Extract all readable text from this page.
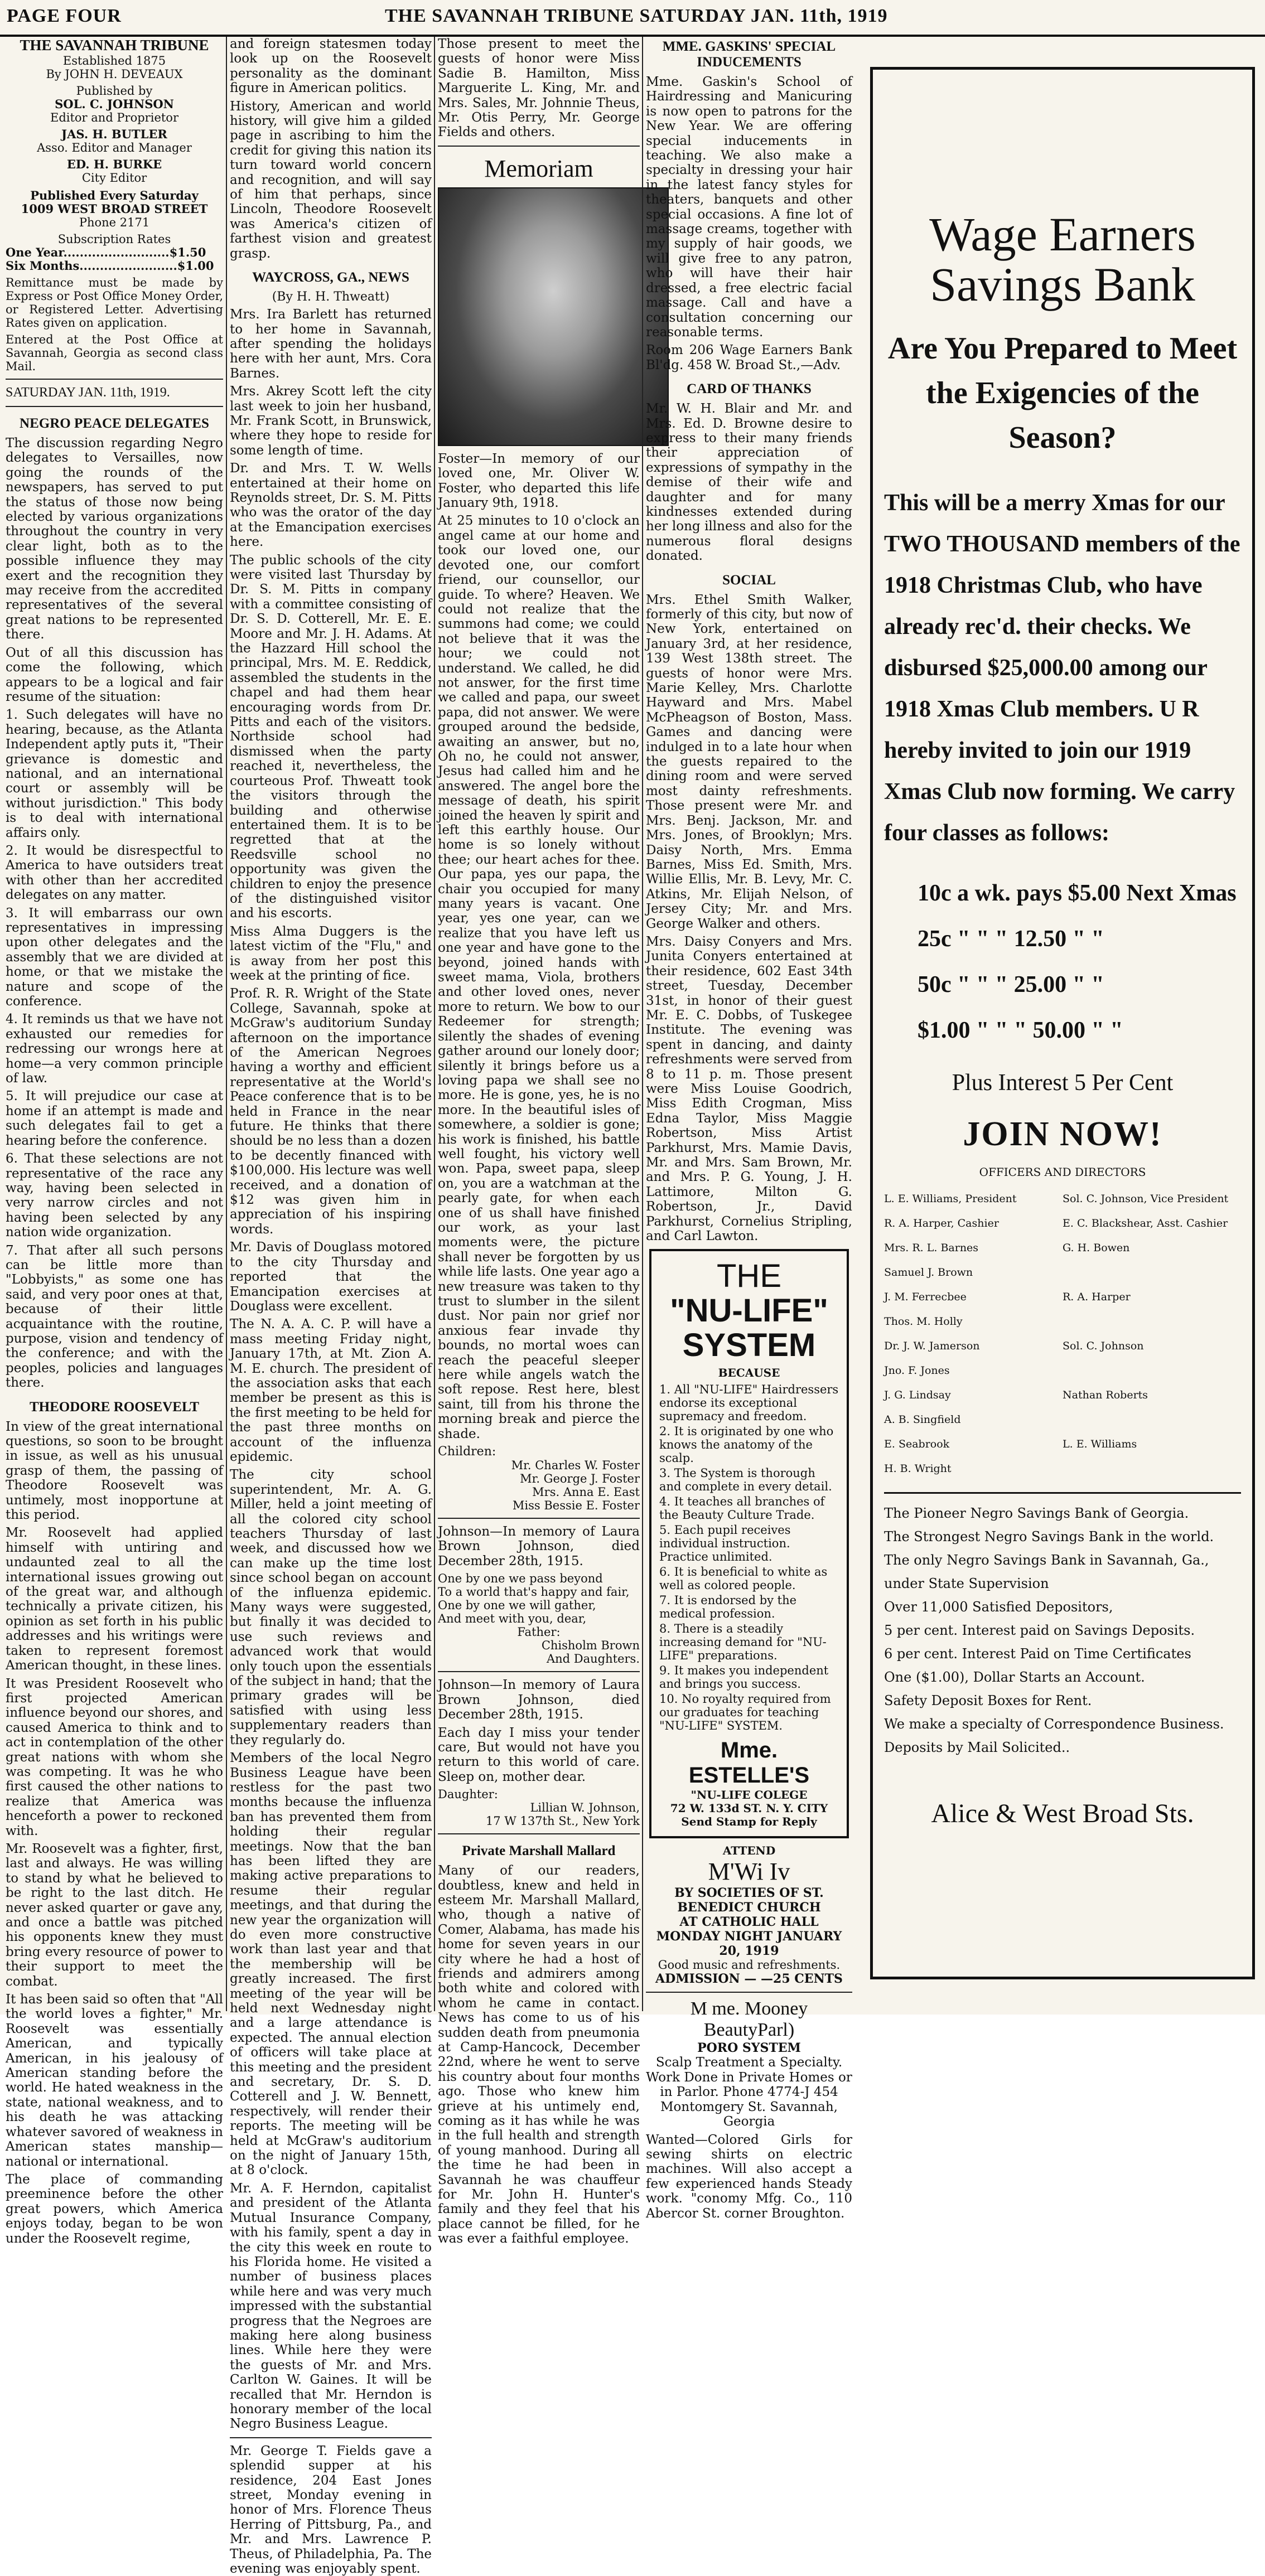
PAGE FOUR	THE SAVANNAH TRIBUNE SATURDAY JAN. 11th, 1919
THE SAVANNAH TRIBUNE
Established 1875
By JOHN H. DEVEAUX
Published by
SOL. C. JOHNSON
Editor and Proprietor
JAS. H. BUTLER
Asso. Editor and Manager
ED. H. BURKE
City Editor
Published Every Saturday
1009 WEST BROAD STREET
Phone 2171
Subscription Rates
One Year..........................$1.50
Six Months........................$1.00

Remittance must be made by Express or Post Office Money Order, or Registered Letter. Advertising Rates given on application.

Entered at the Post Office at Savannah, Georgia as second class Mail.

SATURDAY JAN. 11th, 1919.
NEGRO PEACE DELEGATES

The discussion regarding Negro delegates to Versailles, now going the rounds of the newspapers, has served to put the status of those now being elected by various organizations throughout the country in very clear light, both as to the possible influence they may exert and the recognition they may receive from the accredited representatives of the several great nations to be represented there.

Out of all this discussion has come the following, which appears to be a logical and fair resume of the situation:

1. Such delegates will have no hearing, because, as the Atlanta Independent aptly puts it, "Their grievance is domestic and national, and an international court or assembly will be without jurisdiction." This body is to deal with international affairs only.

2. It would be disrespectful to America to have outsiders treat with other than her accredited delegates on any matter.

3. It will embarrass our own representatives in impressing upon other delegates and the assembly that we are divided at home, or that we mistake the nature and scope of the conference.

4. It reminds us that we have not exhausted our remedies for redressing our wrongs here at home—a very common principle of law.

5. It will prejudice our case at home if an attempt is made and such delegates fail to get a hearing before the conference.

6. That these selections are not representative of the race any way, having been selected in very narrow circles and not having been selected by any nation wide organization.

7. That after all such persons can be little more than "Lobbyists," as some one has said, and very poor ones at that, because of their little acquaintance with the routine, purpose, vision and tendency of the conference; and with the peoples, policies and languages there.

THEODORE ROOSEVELT

In view of the great international questions, so soon to be brought in issue, as well as his unusual grasp of them, the passing of Theodore Roosevelt was untimely, most inopportune at this period.

Mr. Roosevelt had applied himself with untiring and undaunted zeal to all the international issues growing out of the great war, and although technically a private citizen, his opinion as set forth in his public addresses and his writings were taken to represent foremost American thought, in these lines.

It was President Roosevelt who first projected American influence beyond our shores, and caused America to think and to act in contemplation of the other great nations with whom she was competing. It was he who first caused the other nations to realize that America was henceforth a power to reckoned with.

Mr. Roosevelt was a fighter, first, last and always. He was willing to stand by what he believed to be right to the last ditch. He never asked quarter or gave any, and once a battle was pitched his opponents knew they must bring every resource of power to their support to meet the combat.

It has been said so often that "All the world loves a fighter," Mr. Roosevelt was essentially American, and typically American, in his jealousy of American standing before the world. He hated weakness in the state, national weakness, and to his death he was attacking whatever savored of weakness in American states manship—national or international.

The place of commanding preeminence before the other great powers, which America enjoys today, began to be won under the Roosevelt regime,

and foreign statesmen today look up on the Roosevelt personality as the dominant figure in American politics.

History, American and world history, will give him a gilded page in ascribing to him the credit for giving this nation its turn toward world concern and recognition, and will say of him that perhaps, since Lincoln, Theodore Roosevelt was America's citizen of farthest vision and greatest grasp.

WAYCROSS, GA., NEWS
(By H. H. Thweatt)

Mrs. Ira Barlett has returned to her home in Savannah, after spending the holidays here with her aunt, Mrs. Cora Barnes.

Mrs. Akrey Scott left the city last week to join her husband, Mr. Frank Scott, in Brunswick, where they hope to reside for some length of time.

Dr. and Mrs. T. W. Wells entertained at their home on Reynolds street, Dr. S. M. Pitts who was the orator of the day at the Emancipation exercises here.

The public schools of the city were visited last Thursday by Dr. S. M. Pitts in company with a committee consisting of Dr. S. D. Cotterell, Mr. E. E. Moore and Mr. J. H. Adams. At the Hazzard Hill school the principal, Mrs. M. E. Reddick, assembled the students in the chapel and had them hear encouraging words from Dr. Pitts and each of the visitors. Northside school had dismissed when the party reached it, nevertheless, the courteous Prof. Thweatt took the visitors through the building and otherwise entertained them. It is to be regretted that at the Reedsville school no opportunity was given the children to enjoy the presence of the distinguished visitor and his escorts.

Miss Alma Duggers is the latest victim of the "Flu," and is away from her post this week at the printing of fice.

Prof. R. R. Wright of the State College, Savannah, spoke at McGraw's auditorium Sunday afternoon on the importance of the American Negroes having a worthy and efficient representative at the World's Peace conference that is to be held in France in the near future. He thinks that there should be no less than a dozen to be decently financed with $100,000. His lecture was well received, and a donation of $12 was given him in appreciation of his inspiring words.

Mr. Davis of Douglass motored to the city Thursday and reported that the Emancipation exercises at Douglass were excellent.

The N. A. A. C. P. will have a mass meeting Friday night, January 17th, at Mt. Zion A. M. E. church. The president of the association asks that each member be present as this is the first meeting to be held for the past three months on account of the influenza epidemic.

The city school superintendent, Mr. A. G. Miller, held a joint meeting of all the colored city school teachers Thursday of last week, and discussed how we can make up the time lost since school began on account of the influenza epidemic. Many ways were suggested, but finally it was decided to use such reviews and advanced work that would only touch upon the essentials of the subject in hand; that the primary grades will be satisfied with using less supplementary readers than they regularly do.

Members of the local Negro Business League have been restless for the past two months because the influenza ban has prevented them from holding their regular meetings. Now that the ban has been lifted they are making active preparations to resume their regular meetings, and that during the new year the organization will do even more constructive work than last year and that the membership will be greatly increased. The first meeting of the year will be held next Wednesday night and a large attendance is expected. The annual election of officers will take place at this meeting and the president and secretary, Dr. S. D. Cotterell and J. W. Bennett, respectively, will render their reports. The meeting will be held at McGraw's auditorium on the night of January 15th, at 8 o'clock.

Mr. A. F. Herndon, capitalist and president of the Atlanta Mutual Insurance Company, with his family, spent a day in the city this week en route to his Florida home. He visited a number of business places while here and was very much impressed with the substantial progress that the Negroes are making here along business lines. While here they were the guests of Mr. and Mrs. Carlton W. Gaines. It will be recalled that Mr. Herndon is honorary member of the local Negro Business League.

Mr. George T. Fields gave a splendid supper at his residence, 204 East Jones street, Monday evening in honor of Mrs. Florence Theus Herring of Pittsburg, Pa., and Mr. and Mrs. Lawrence P. Theus, of Philadelphia, Pa. The evening was enjoyably spent.

Those present to meet the guests of honor were Miss Sadie B. Hamilton, Miss Marguerite L. King, Mr. and Mrs. Sales, Mr. Johnnie Theus, Mr. Otis Perry, Mr. George Fields and others.

Memoriam

Foster—In memory of our loved one, Mr. Oliver W. Foster, who departed this life January 9th, 1918.

At 25 minutes to 10 o'clock an angel came at our home and took our loved one, our devoted one, our comfort friend, our counsellor, our guide. To where? Heaven. We could not realize that the summons had come; we could not believe that it was the hour; we could not understand. We called, he did not answer, for the first time we called and papa, our sweet papa, did not answer. We were grouped around the bedside, awaiting an answer, but no, Oh no, he could not answer, Jesus had called him and he answered. The angel bore the message of death, his spirit joined the heaven ly spirit and left this earthly house. Our home is so lonely without thee; our heart aches for thee. Our papa, yes our papa, the chair you occupied for many many years is vacant. One year, yes one year, can we realize that you have left us one year and have gone to the beyond, joined hands with sweet mama, Viola, brothers and other loved ones, never more to return. We bow to our Redeemer for strength; silently the shades of evening gather around our lonely door; silently it brings before us a loving papa we shall see no more. He is gone, yes, he is no more. In the beautiful isles of somewhere, a soldier is gone; his work is finished, his battle well fought, his victory well won. Papa, sweet papa, sleep on, you are a watchman at the pearly gate, for when each one of us shall have finished our work, as your last moments were, the picture shall never be forgotten by us while life lasts. One year ago a new treasure was taken to thy trust to slumber in the silent dust. Nor pain nor grief nor anxious fear invade thy bounds, no mortal woes can reach the peaceful sleeper here while angels watch the soft repose. Rest here, blest saint, till from his throne the morning break and pierce the shade.

Children:
Mr. Charles W. Foster
Mr. George J. Foster
Mrs. Anna E. East
Miss Bessie E. Foster

Johnson—In memory of Laura Brown Johnson, died December 28th, 1915.

One by one we pass beyond
To a world that's happy and fair,
One by one we will gather,
And meet with you, dear,
Father:
Chisholm Brown
And Daughters.

Johnson—In memory of Laura Brown Johnson, died December 28th, 1915.

Each day I miss your tender care, But would not have you return to this world of care. Sleep on, mother dear.

Daughter:
Lillian W. Johnson,
17 W 137th St., New York
Private Marshall Mallard

Many of our readers, doubtless, knew and held in esteem Mr. Marshall Mallard, who, though a native of Comer, Alabama, has made his home for seven years in our city where he had a host of friends and admirers among both white and colored with whom he came in contact. News has come to us of his sudden death from pneumonia at Camp-Hancock, December 22nd, where he went to serve his country about four months ago. Those who knew him grieve at his untimely end, coming as it has while he was in the full health and strength of young manhood. During all the time he had been in Savannah he was chauffeur for Mr. John H. Hunter's family and they feel that his place cannot be filled, for he was ever a faithful employee.

MME. GASKINS' SPECIAL INDUCEMENTS

Mme. Gaskin's School of Hairdressing and Manicuring is now open to patrons for the New Year. We are offering special inducements in teaching. We also make a specialty in dressing your hair in the latest fancy styles for theaters, banquets and other special occasions. A fine lot of massage creams, together with my supply of hair goods, we will give free to any patron, who will have their hair dressed, a free electric facial massage. Call and have a consultation concerning our reasonable terms.

Room 206 Wage Earners Bank Bl'dg. 458 W. Broad St.,—Adv.

CARD OF THANKS

Mr. W. H. Blair and Mr. and Mrs. Ed. D. Browne desire to express to their many friends their appreciation of expressions of sympathy in the demise of their wife and daughter and for many kindnesses extended during her long illness and also for the numerous floral designs donated.

SOCIAL

Mrs. Ethel Smith Walker, formerly of this city, but now of New York, entertained on January 3rd, at her residence, 139 West 138th street. The guests of honor were Mrs. Marie Kelley, Mrs. Charlotte Hayward and Mrs. Mabel McPheagson of Boston, Mass. Games and dancing were indulged in to a late hour when the guests repaired to the dining room and were served most dainty refreshments. Those present were Mr. and Mrs. Benj. Jackson, Mr. and Mrs. Jones, of Brooklyn; Mrs. Daisy North, Mrs. Emma Barnes, Miss Ed. Smith, Mrs. Willie Ellis, Mr. B. Levy, Mr. C. Atkins, Mr. Elijah Nelson, of Jersey City; Mr. and Mrs. George Walker and others.

Mrs. Daisy Conyers and Mrs. Junita Conyers entertained at their residence, 602 East 34th street, Tuesday, December 31st, in honor of their guest Mr. E. C. Dobbs, of Tuskegee Institute. The evening was spent in dancing, and dainty refreshments were served from 8 to 11 p. m. Those present were Miss Louise Goodrich, Miss Edith Crogman, Miss Edna Taylor, Miss Maggie Robertson, Miss Artist Parkhurst, Mrs. Mamie Davis, Mr. and Mrs. Sam Brown, Mr. and Mrs. P. G. Young, J. H. Lattimore, Milton G. Robertson, Jr., David Parkhurst, Cornelius Stripling, and Carl Lawton.

THE
"NU-LIFE"
SYSTEM
BECAUSE
1. All "NU-LIFE" Hairdressers endorse its exceptional supremacy and freedom.
2. It is originated by one who knows the anatomy of the scalp.
3. The System is thorough and complete in every detail.
4. It teaches all branches of the Beauty Culture Trade.
5. Each pupil receives individual instruction. Practice unlimited.
6. It is beneficial to white as well as colored people.
7. It is endorsed by the medical profession.
8. There is a steadily increasing demand for "NU-LIFE" preparations.
9. It makes you independent and brings you success.
10. No royalty required from our graduates for teaching "NU-LIFE" SYSTEM.
Mme. ESTELLE'S
"NU-LIFE COLEGE
72 W. 133d ST. N. Y. CITY
Send Stamp for Reply
ATTEND
M'Wi Iv
BY SOCIETIES OF ST. BENEDICT CHURCH
AT CATHOLIC HALL
MONDAY NIGHT JANUARY 20, 1919
Good music and refreshments.
ADMISSION — —25 CENTS
M me. Mooney BeautyParl)
PORO SYSTEM

Scalp Treatment a Specialty. Work Done in Private Homes or in Parlor. Phone 4774-J 454 Montomgery St. Savannah, Georgia

Wanted—Colored Girls for sewing shirts on electric machines. Will also accept a few experienced hands Steady work. "conomy Mfg. Co., 110 Abercor St. corner Broughton.

Wage Earners
Savings Bank
Are You Prepared to Meet the Exigencies of the Season?
This will be a merry Xmas for our TWO THOUSAND members of the 1918 Christmas Club, who have already rec'd. their checks. We disbursed $25,000.00 among our 1918 Xmas Club members. U R hereby invited to join our 1919 Xmas Club now forming. We carry four classes as follows:
10c a wk. pays $5.00 Next Xmas
25c " " " 12.50 " "
50c " " " 25.00 " "
$1.00 " " " 50.00 " "
Plus Interest 5 Per Cent
JOIN NOW!
OFFICERS AND DIRECTORS
L. E. Williams, President	Sol. C. Johnson, Vice President
R. A. Harper, Cashier	E. C. Blackshear, Asst. Cashier
Mrs. R. L. Barnes	G. H. Bowen
Samuel J. Brown
J. M. Ferrecbee	R. A. Harper
Thos. M. Holly
Dr. J. W. Jamerson	Sol. C. Johnson
Jno. F. Jones
J. G. Lindsay	Nathan Roberts
A. B. Singfield
E. Seabrook	L. E. Williams
H. B. Wright
The Pioneer Negro Savings Bank of Georgia.
The Strongest Negro Savings Bank in the world.
The only Negro Savings Bank in Savannah, Ga., under State Supervision
Over 11,000 Satisfied Depositors,
5 per cent. Interest paid on Savings Deposits.
6 per cent. Interest Paid on Time Certificates
One ($1.00), Dollar Starts an Account.
Safety Deposit Boxes for Rent.
We make a specialty of Correspondence Business. Deposits by Mail Solicited..
Alice & West Broad Sts.
